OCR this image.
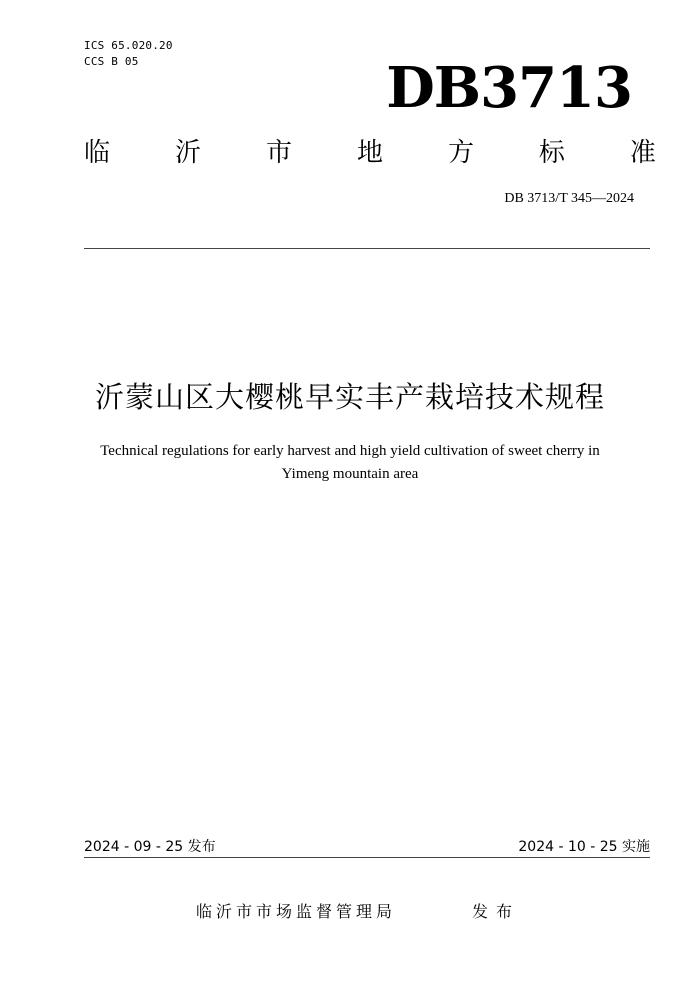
ICS 65.020.20
CCS B 05	DB3713
临 沂 市 地 方 标 准
DB 3713/T 345—2024
沂蒙山区大樱桃早实丰产栽培技术规程
Technical regulations for early harvest and high yield cultivation of sweet cherry in
Yimeng mountain area
2024 - 09 - 25 发布	2024 - 10 - 25 实施
临沂市市场监督管理局	发布
